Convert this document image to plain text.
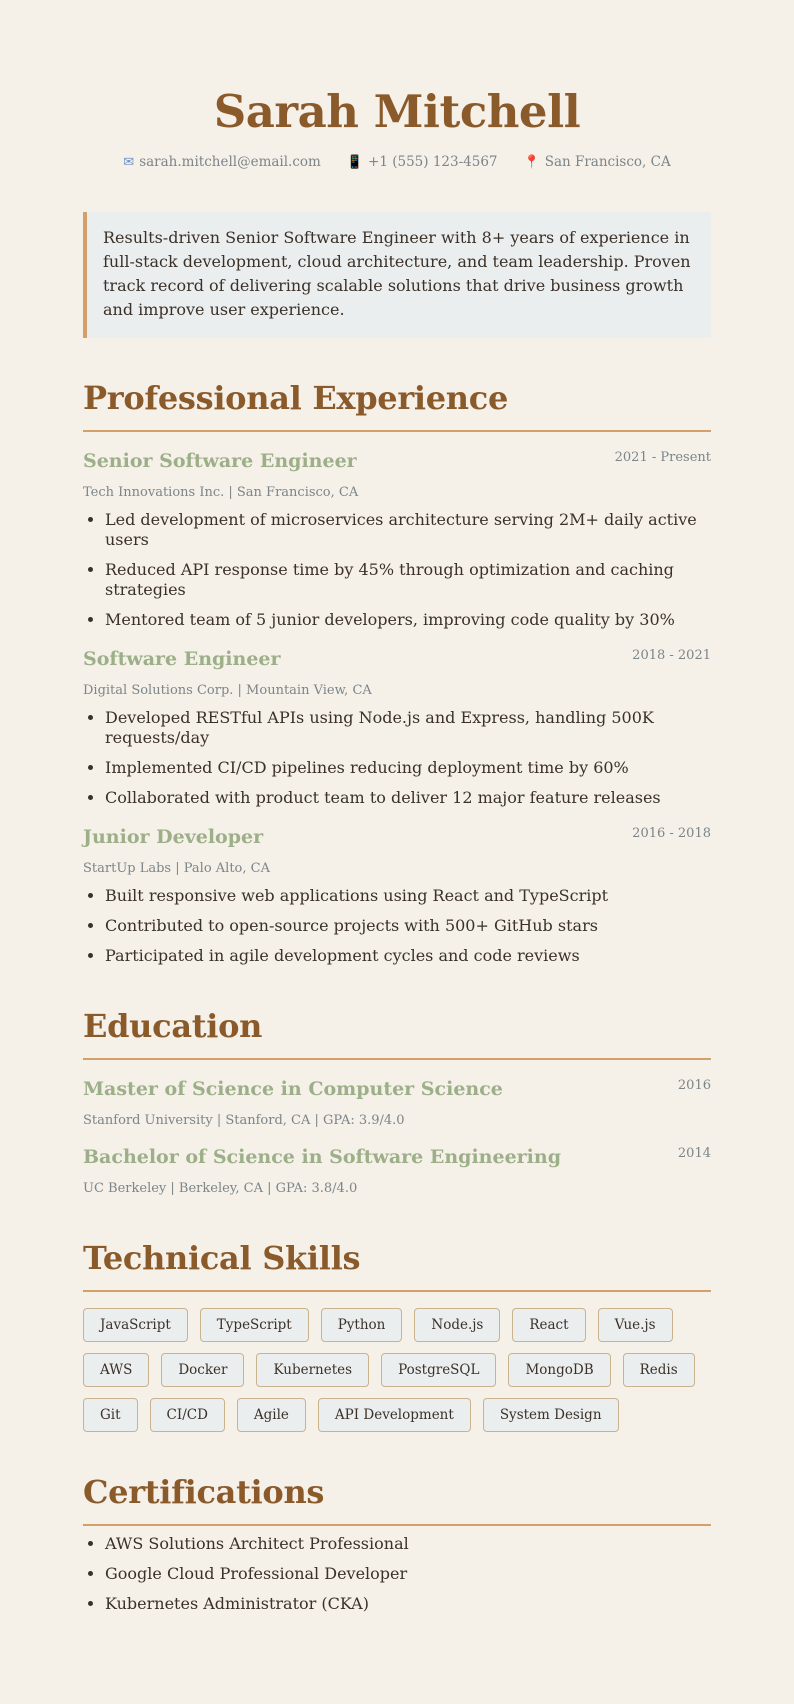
Sarah Mitchell
✉ sarah.mitchell@email.com 📱 +1 (555) 123-4567 📍 San Francisco, CA
Results-driven Senior Software Engineer with 8+ years of experience in full-stack development, cloud architecture, and team leadership. Proven track record of delivering scalable solutions that drive business growth and improve user experience.
Professional Experience
Senior Software Engineer	2021 - Present
Tech Innovations Inc. | San Francisco, CA
• Led development of microservices architecture serving 2M+ daily active users
• Reduced API response time by 45% through optimization and caching strategies
• Mentored team of 5 junior developers, improving code quality by 30%
Software Engineer	2018 - 2021
Digital Solutions Corp. | Mountain View, CA
• Developed RESTful APIs using Node.js and Express, handling 500K requests/day
• Implemented CI/CD pipelines reducing deployment time by 60%
• Collaborated with product team to deliver 12 major feature releases
Junior Developer	2016 - 2018
StartUp Labs | Palo Alto, CA
• Built responsive web applications using React and TypeScript
• Contributed to open-source projects with 500+ GitHub stars
• Participated in agile development cycles and code reviews
Education
Master of Science in Computer Science	2016
Stanford University | Stanford, CA | GPA: 3.9/4.0
Bachelor of Science in Software Engineering	2014
UC Berkeley | Berkeley, CA | GPA: 3.8/4.0
Technical Skills
JavaScript	TypeScript	Python	Node.js	React	Vue.js
AWS	Docker	Kubernetes	PostgreSQL	MongoDB	Redis
Git	CI/CD	Agile	API Development	System Design
Certifications
• AWS Solutions Architect Professional
• Google Cloud Professional Developer
• Kubernetes Administrator (CKA)
